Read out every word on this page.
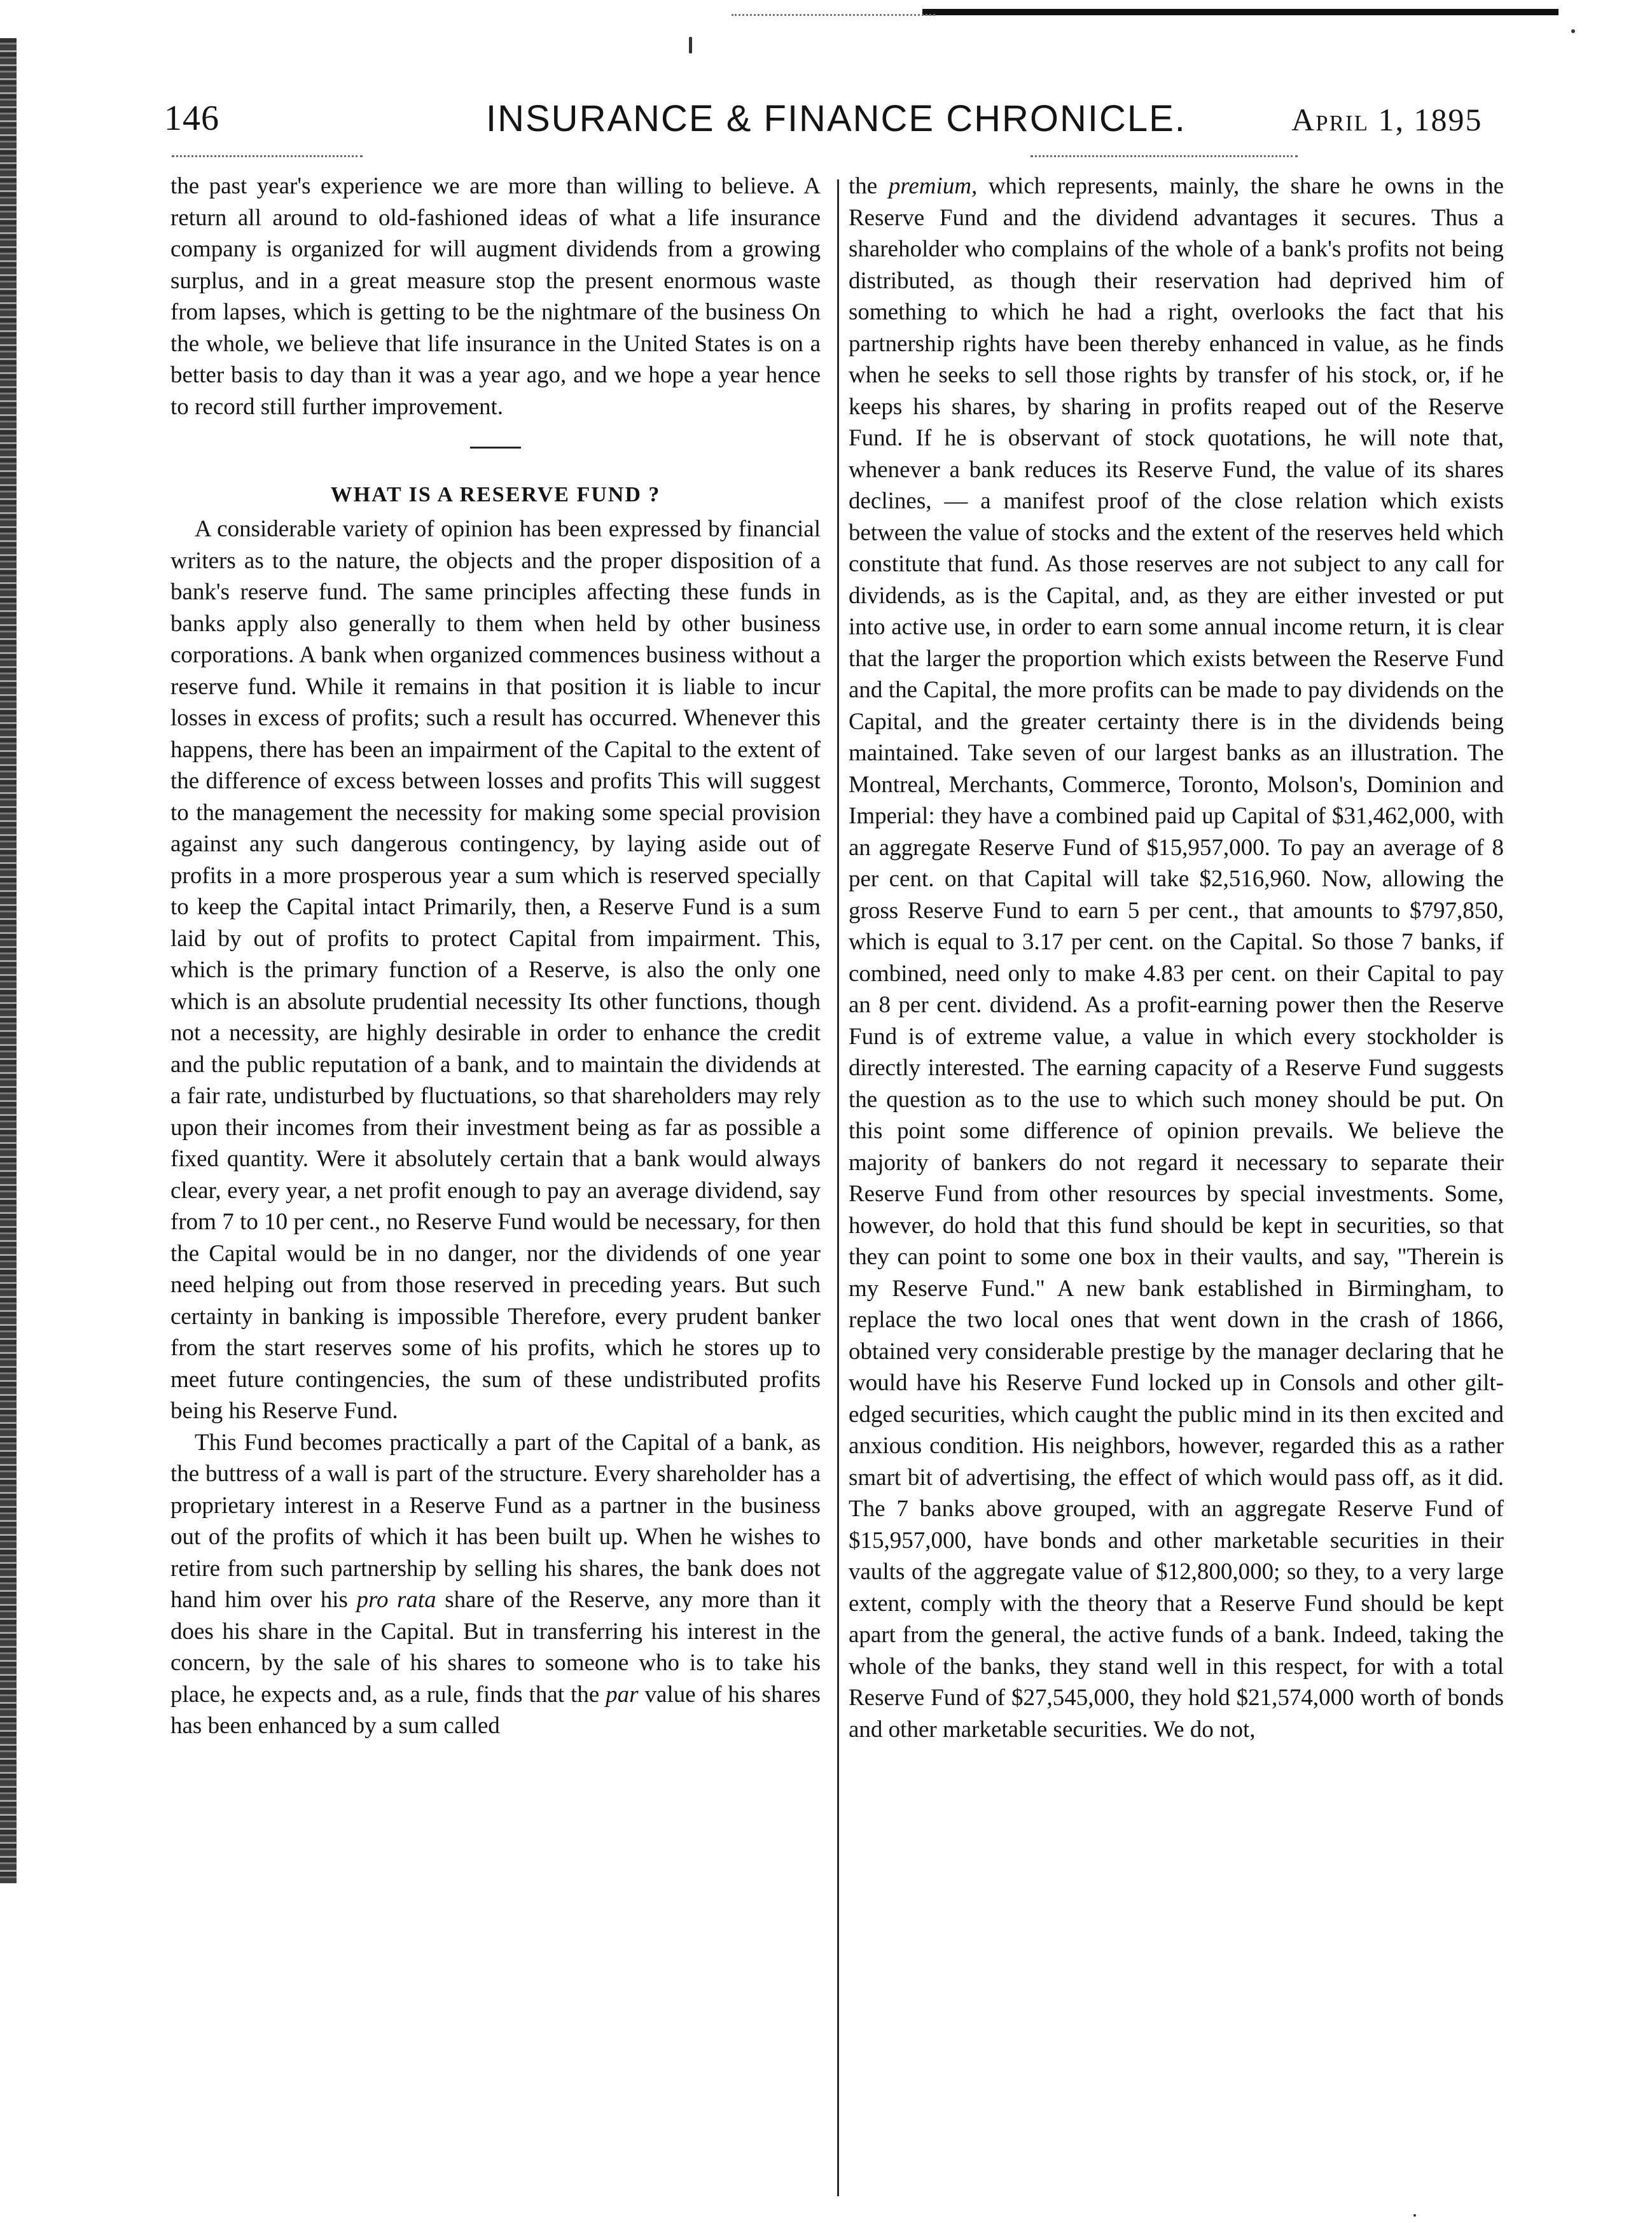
146	INSURANCE & FINANCE CHRONICLE.	April 1, 1895

the past year's experience we are more than willing to believe. A return all around to old-fashioned ideas of what a life insurance company is organized for will augment dividends from a growing surplus, and in a great measure stop the present enormous waste from lapses, which is getting to be the nightmare of the business On the whole, we believe that life insurance in the United States is on a better basis to day than it was a year ago, and we hope a year hence to record still further improvement.

WHAT IS A RESERVE FUND ?

A considerable variety of opinion has been expressed by financial writers as to the nature, the objects and the proper disposition of a bank's reserve fund. The same principles affecting these funds in banks apply also generally to them when held by other business corporations. A bank when organized commences business without a reserve fund. While it remains in that position it is liable to incur losses in excess of profits; such a result has occurred. Whenever this happens, there has been an impairment of the Capital to the extent of the difference of excess between losses and profits This will suggest to the management the necessity for making some special provision against any such dangerous contingency, by laying aside out of profits in a more prosperous year a sum which is reserved specially to keep the Capital intact Primarily, then, a Reserve Fund is a sum laid by out of profits to protect Capital from impairment. This, which is the primary function of a Reserve, is also the only one which is an absolute prudential necessity Its other functions, though not a necessity, are highly desirable in order to enhance the credit and the public reputation of a bank, and to maintain the dividends at a fair rate, undisturbed by fluctuations, so that shareholders may rely upon their incomes from their investment being as far as possible a fixed quantity. Were it absolutely certain that a bank would always clear, every year, a net profit enough to pay an average dividend, say from 7 to 10 per cent., no Reserve Fund would be necessary, for then the Capital would be in no danger, nor the dividends of one year need helping out from those reserved in preceding years. But such certainty in banking is impossible Therefore, every prudent banker from the start reserves some of his profits, which he stores up to meet future contingencies, the sum of these undistributed profits being his Reserve Fund.

This Fund becomes practically a part of the Capital of a bank, as the buttress of a wall is part of the structure. Every shareholder has a proprietary interest in a Reserve Fund as a partner in the business out of the profits of which it has been built up. When he wishes to retire from such partnership by selling his shares, the bank does not hand him over his pro rata share of the Reserve, any more than it does his share in the Capital. But in transferring his interest in the concern, by the sale of his shares to someone who is to take his place, he expects and, as a rule, finds that the par value of his shares has been enhanced by a sum called

the premium, which represents, mainly, the share he owns in the Reserve Fund and the dividend advantages it secures. Thus a shareholder who complains of the whole of a bank's profits not being distributed, as though their reservation had deprived him of something to which he had a right, overlooks the fact that his partnership rights have been thereby enhanced in value, as he finds when he seeks to sell those rights by transfer of his stock, or, if he keeps his shares, by sharing in profits reaped out of the Reserve Fund. If he is observant of stock quotations, he will note that, whenever a bank reduces its Reserve Fund, the value of its shares declines, — a manifest proof of the close relation which exists between the value of stocks and the extent of the reserves held which constitute that fund. As those reserves are not subject to any call for dividends, as is the Capital, and, as they are either invested or put into active use, in order to earn some annual income return, it is clear that the larger the proportion which exists between the Reserve Fund and the Capital, the more profits can be made to pay dividends on the Capital, and the greater certainty there is in the dividends being maintained. Take seven of our largest banks as an illustration. The Montreal, Merchants, Commerce, Toronto, Molson's, Dominion and Imperial: they have a combined paid up Capital of $31,462,000, with an aggregate Reserve Fund of $15,957,000. To pay an average of 8 per cent. on that Capital will take $2,516,960. Now, allowing the gross Reserve Fund to earn 5 per cent., that amounts to $797,850, which is equal to 3.17 per cent. on the Capital. So those 7 banks, if combined, need only to make 4.83 per cent. on their Capital to pay an 8 per cent. dividend. As a profit-earning power then the Reserve Fund is of extreme value, a value in which every stockholder is directly interested. The earning capacity of a Reserve Fund suggests the question as to the use to which such money should be put. On this point some difference of opinion prevails. We believe the majority of bankers do not regard it necessary to separate their Reserve Fund from other resources by special investments. Some, however, do hold that this fund should be kept in securities, so that they can point to some one box in their vaults, and say, "Therein is my Reserve Fund." A new bank established in Birmingham, to replace the two local ones that went down in the crash of 1866, obtained very considerable prestige by the manager declaring that he would have his Reserve Fund locked up in Consols and other gilt-edged securities, which caught the public mind in its then excited and anxious condition. His neighbors, however, regarded this as a rather smart bit of advertising, the effect of which would pass off, as it did. The 7 banks above grouped, with an aggregate Reserve Fund of $15,957,000, have bonds and other marketable securities in their vaults of the aggregate value of $12,800,000; so they, to a very large extent, comply with the theory that a Reserve Fund should be kept apart from the general, the active funds of a bank. Indeed, taking the whole of the banks, they stand well in this respect, for with a total Reserve Fund of $27,545,000, they hold $21,574,000 worth of bonds and other marketable securities. We do not,
